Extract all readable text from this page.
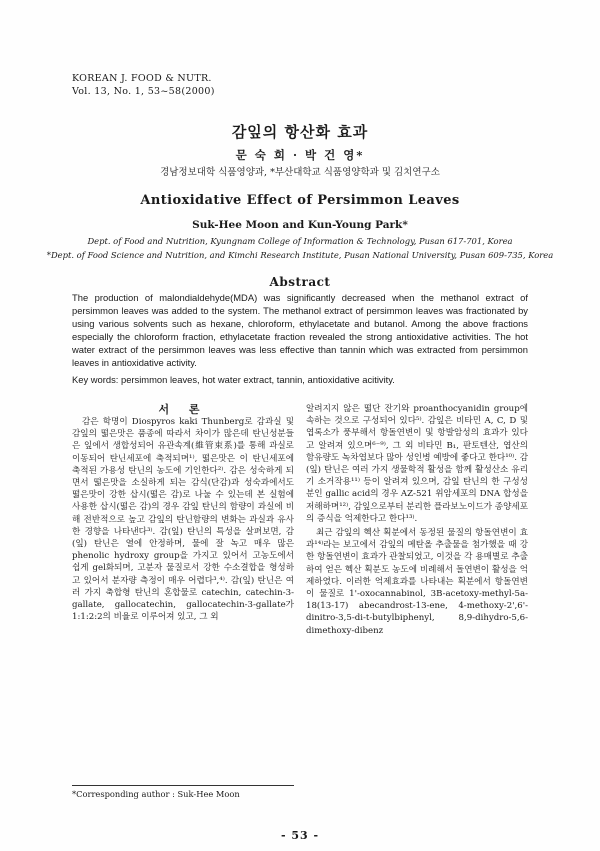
KOREAN J. FOOD & NUTR.
Vol. 13, No. 1, 53~58(2000)
감잎의 항산화 효과
문 숙 희 · 박 건 영*
경남정보대학 식품영양과, *부산대학교 식품영양학과 및 김치연구소
Antioxidative Effect of Persimmon Leaves
Suk-Hee Moon and Kun-Young Park*
Dept. of Food and Nutrition, Kyungnam College of Information & Technology, Pusan 617-701, Korea
*Dept. of Food Science and Nutrition, and Kimchi Research Institute, Pusan National University, Pusan 609-735, Korea
Abstract

The production of malondialdehyde(MDA) was significantly decreased when the methanol extract of persimmon leaves was added to the system. The methanol extract of persimmon leaves was fractionated by using various solvents such as hexane, chloroform, ethylacetate and butanol. Among the above fractions especially the chloroform fraction, ethylacetate fraction revealed the strong antioxidative activities. The hot water extract of the persimmon leaves was less effective than tannin which was extracted from persimmon leaves in antioxidative activity.

Key words: persimmon leaves, hot water extract, tannin, antioxidative acitivity.

서 론

감은 학명이 Diospyros kaki Thunberg로 감과실 및 감잎의 떫은맛은 품종에 따라서 차이가 많은데 탄닌성분들은 잎에서 생합성되어 유관속계(維管束系)를 통해 과실로 이동되어 탄닌세포에 축적되며¹⁾, 떫은맛은 이 탄닌세포에 축적된 가용성 탄닌의 농도에 기인한다²⁾. 감은 성숙하게 되면서 떫은맛을 소실하게 되는 감식(단감)과 성숙과에서도 떫은맛이 강한 삽시(떫은 감)로 나눌 수 있는데 본 실험에 사용한 삽시(떫은 감)의 경우 감잎 탄닌의 함량이 과실에 비해 전반적으로 높고 감잎의 탄닌함량의 변화는 과실과 유사한 경향을 나타낸다³⁾. 감(잎) 탄닌의 특성을 살펴보면, 감(잎) 탄닌은 열에 안정하며, 물에 잘 녹고 매우 많은 phenolic hydroxy group을 가지고 있어서 고농도에서 쉽게 gel화되며, 고분자 물질로서 강한 수소결합을 형성하고 있어서 분자량 측정이 매우 어렵다³,⁴⁾. 감(잎) 탄닌은 여러 가지 축합형 탄닌의 혼합물로 catechin, catechin-3-gallate, gallocatechin, gallocatechin-3-gallate가 1:1:2:2의 비율로 이루어져 있고, 그 외

알려지지 않은 떫단 잔기와 proanthocyanidin group에 속하는 것으로 구성되어 있다⁵⁾. 감잎은 비타민 A, C, D 및 엽록소가 풍부해서 항돌연변이 및 항발암성의 효과가 있다고 알려져 있으며⁶⁻⁹⁾, 그 외 비타민 B₁, 판토텐산, 엽산의 함유량도 녹차엽보다 많아 성인병 예방에 좋다고 한다¹⁰⁾. 감(잎) 탄닌은 여러 가지 생물학적 활성을 함께 활성산소 유리기 소거작용¹¹⁾ 등이 알려져 있으며, 감잎 탄닌의 한 구성성분인 gallic acid의 경우 AZ-521 위암세포의 DNA 합성을 저해하며¹²⁾, 감잎으로부터 분리한 플라보노이드가 종양세포의 증식을 억제한다고 한다¹³⁾.

최근 감잎의 헥산 획분에서 동정된 물질의 항돌연변이 효과¹⁴⁾라는 보고에서 감잎의 메탄올 추출물을 첨가했을 때 강한 항돌연변이 효과가 관찰되었고, 이것을 각 용매별로 추출하여 얻은 헥산 획분도 농도에 비례해서 돌연변이 활성을 억제하였다. 이러한 억제효과를 나타내는 획분에서 항돌연변이 물질로 1'-oxocannabinol, 3B-acetoxy-methyl-5a-18(13-17) abecandrost-13-ene, 4-methoxy-2',6'-dinitro-3,5-di-t-butylbiphenyl, 8,9-dihydro-5,6-dimethoxy-dibenz

*Corresponding author : Suk-Hee Moon
- 53 -
